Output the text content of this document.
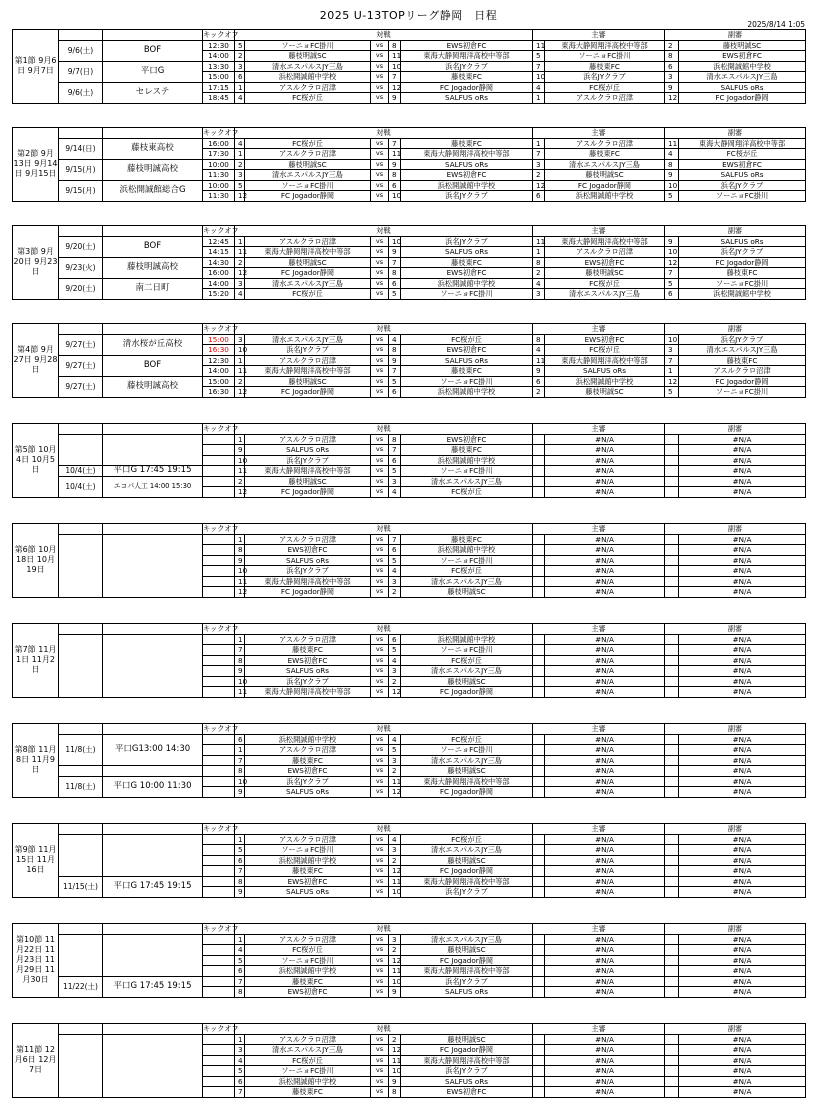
2025 U-13TOPリーグ静岡　日程
2025/8/14 1:05
第1節 9月6日 9月7日			キックオフ	対戦					主審		副審	
	9/6(土)	BOF	12:30	5	ソーニョFC掛川	vs	8	EWS初倉FC	11	東海大静岡翔洋高校中等部	2	藤枝明誠SC
			14:00	2	藤枝明誠SC	vs	11	東海大静岡翔洋高校中等部	5	ソーニョFC掛川	8	EWS初倉FC
	9/7(日)	平口G	13:30	3	清水エスパルスJY三島	vs	10	浜名JYクラブ	7	藤枝東FC	6	浜松開誠館中学校
			15:00	6	浜松開誠館中学校	vs	7	藤枝東FC	10	浜名JYクラブ	3	清水エスパルスJY三島
	9/6(土)	セレステ	17:15	1	アスルクラロ沼津	vs	12	FC Jogador静岡	4	FC桜が丘	9	SALFUS oRs
			18:45	4	FC桜が丘	vs	9	SALFUS oRs	1	アスルクラロ沼津	12	FC Jogador静岡
第2節 9月13日 9月14日 9月15日			キックオフ	対戦					主審		副審	
	9/14(日)	藤枝東高校	16:00	4	FC桜が丘	vs	7	藤枝東FC	1	アスルクラロ沼津	11	東海大静岡翔洋高校中等部
			17:30	1	アスルクラロ沼津	vs	11	東海大静岡翔洋高校中等部	7	藤枝東FC	4	FC桜が丘
	9/15(月)	藤枝明誠高校	10:00	2	藤枝明誠SC	vs	9	SALFUS oRs	3	清水エスパルスJY三島	8	EWS初倉FC
			11:30	3	清水エスパルスJY三島	vs	8	EWS初倉FC	2	藤枝明誠SC	9	SALFUS oRs
	9/15(月)	浜松開誠館総合G	10:00	5	ソーニョFC掛川	vs	6	浜松開誠館中学校	12	FC Jogador静岡	10	浜名JYクラブ
			11:30	12	FC Jogador静岡	vs	10	浜名JYクラブ	6	浜松開誠館中学校	5	ソーニョFC掛川
第3節 9月20日 9月23日			キックオフ	対戦					主審		副審	
	9/20(土)	BOF	12:45	1	アスルクラロ沼津	vs	10	浜名JYクラブ	11	東海大静岡翔洋高校中等部	9	SALFUS oRs
			14:15	11	東海大静岡翔洋高校中等部	vs	9	SALFUS oRs	1	アスルクラロ沼津	10	浜名JYクラブ
	9/23(火)	藤枝明誠高校	14:30	2	藤枝明誠SC	vs	7	藤枝東FC	8	EWS初倉FC	12	FC Jogador静岡
			16:00	12	FC Jogador静岡	vs	8	EWS初倉FC	2	藤枝明誠SC	7	藤枝東FC
	9/20(土)	南二日町	14:00	3	清水エスパルスJY三島	vs	6	浜松開誠館中学校	4	FC桜が丘	5	ソーニョFC掛川
			15:20	4	FC桜が丘	vs	5	ソーニョFC掛川	3	清水エスパルスJY三島	6	浜松開誠館中学校
第4節 9月27日 9月28日			キックオフ	対戦					主審		副審	
	9/27(土)	清水桜が丘高校	15:00	3	清水エスパルスJY三島	vs	4	FC桜が丘	8	EWS初倉FC	10	浜名JYクラブ
			16:30	10	浜名JYクラブ	vs	8	EWS初倉FC	4	FC桜が丘	3	清水エスパルスJY三島
	9/27(土)	BOF	12:30	1	アスルクラロ沼津	vs	9	SALFUS oRs	11	東海大静岡翔洋高校中等部	7	藤枝東FC
			14:00	11	東海大静岡翔洋高校中等部	vs	7	藤枝東FC	9	SALFUS oRs	1	アスルクラロ沼津
	9/27(土)	藤枝明誠高校	15:00	2	藤枝明誠SC	vs	5	ソーニョFC掛川	6	浜松開誠館中学校	12	FC Jogador静岡
			16:30	12	FC Jogador静岡	vs	6	浜松開誠館中学校	2	藤枝明誠SC	5	ソーニョFC掛川
第5節 10月4日 10月5日			キックオフ	対戦					主審		副審	
				1	アスルクラロ沼津	vs	8	EWS初倉FC		#N/A		#N/A
				9	SALFUS oRs	vs	7	藤枝東FC		#N/A		#N/A
				10	浜名JYクラブ	vs	6	浜松開誠館中学校		#N/A		#N/A
	10/4(土)	平口G 17:45 19:15		11	東海大静岡翔洋高校中等部	vs	5	ソーニョFC掛川		#N/A		#N/A
	10/4(土)	エコパ人工 14:00 15:30		2	藤枝明誠SC	vs	3	清水エスパルスJY三島		#N/A		#N/A
				12	FC Jogador静岡	vs	4	FC桜が丘		#N/A		#N/A
第6節 10月18日 10月19日			キックオフ	対戦					主審		副審	
				1	アスルクラロ沼津	vs	7	藤枝東FC		#N/A		#N/A
				8	EWS初倉FC	vs	6	浜松開誠館中学校		#N/A		#N/A
				9	SALFUS oRs	vs	5	ソーニョFC掛川		#N/A		#N/A
				10	浜名JYクラブ	vs	4	FC桜が丘		#N/A		#N/A
				11	東海大静岡翔洋高校中等部	vs	3	清水エスパルスJY三島		#N/A		#N/A
				12	FC Jogador静岡	vs	2	藤枝明誠SC		#N/A		#N/A
第7節 11月1日 11月2日			キックオフ	対戦					主審		副審	
				1	アスルクラロ沼津	vs	6	浜松開誠館中学校		#N/A		#N/A
				7	藤枝東FC	vs	5	ソーニョFC掛川		#N/A		#N/A
				8	EWS初倉FC	vs	4	FC桜が丘		#N/A		#N/A
				9	SALFUS oRs	vs	3	清水エスパルスJY三島		#N/A		#N/A
				10	浜名JYクラブ	vs	2	藤枝明誠SC		#N/A		#N/A
				11	東海大静岡翔洋高校中等部	vs	12	FC Jogador静岡		#N/A		#N/A
第8節 11月8日 11月9日			キックオフ	対戦					主審		副審	
	11/8(土)	平口G13:00 14:30		6	浜松開誠館中学校	vs	4	FC桜が丘		#N/A		#N/A
				1	アスルクラロ沼津	vs	5	ソーニョFC掛川		#N/A		#N/A
				7	藤枝東FC	vs	3	清水エスパルスJY三島		#N/A		#N/A
				8	EWS初倉FC	vs	2	藤枝明誠SC		#N/A		#N/A
	11/8(土)	平口G 10:00 11:30		10	浜名JYクラブ	vs	11	東海大静岡翔洋高校中等部		#N/A		#N/A
				9	SALFUS oRs	vs	12	FC Jogador静岡		#N/A		#N/A
第9節 11月15日 11月16日			キックオフ	対戦					主審		副審	
				1	アスルクラロ沼津	vs	4	FC桜が丘		#N/A		#N/A
				5	ソーニョFC掛川	vs	3	清水エスパルスJY三島		#N/A		#N/A
				6	浜松開誠館中学校	vs	2	藤枝明誠SC		#N/A		#N/A
				7	藤枝東FC	vs	12	FC Jogador静岡		#N/A		#N/A
	11/15(土)	平口G 17:45 19:15		8	EWS初倉FC	vs	11	東海大静岡翔洋高校中等部		#N/A		#N/A
				9	SALFUS oRs	vs	10	浜名JYクラブ		#N/A		#N/A
第10節 11月22日 11月23日 11月29日 11月30日			キックオフ	対戦					主審		副審	
				1	アスルクラロ沼津	vs	3	清水エスパルスJY三島		#N/A		#N/A
				4	FC桜が丘	vs	2	藤枝明誠SC		#N/A		#N/A
				5	ソーニョFC掛川	vs	12	FC Jogador静岡		#N/A		#N/A
				6	浜松開誠館中学校	vs	11	東海大静岡翔洋高校中等部		#N/A		#N/A
	11/22(土)	平口G 17:45 19:15		7	藤枝東FC	vs	10	浜名JYクラブ		#N/A		#N/A
				8	EWS初倉FC	vs	9	SALFUS oRs		#N/A		#N/A
第11節 12月6日 12月7日			キックオフ	対戦					主審		副審	
				1	アスルクラロ沼津	vs	2	藤枝明誠SC		#N/A		#N/A
				3	清水エスパルスJY三島	vs	12	FC Jogador静岡		#N/A		#N/A
				4	FC桜が丘	vs	11	東海大静岡翔洋高校中等部		#N/A		#N/A
				5	ソーニョFC掛川	vs	10	浜名JYクラブ		#N/A		#N/A
				6	浜松開誠館中学校	vs	9	SALFUS oRs		#N/A		#N/A
				7	藤枝東FC	vs	8	EWS初倉FC		#N/A		#N/A
